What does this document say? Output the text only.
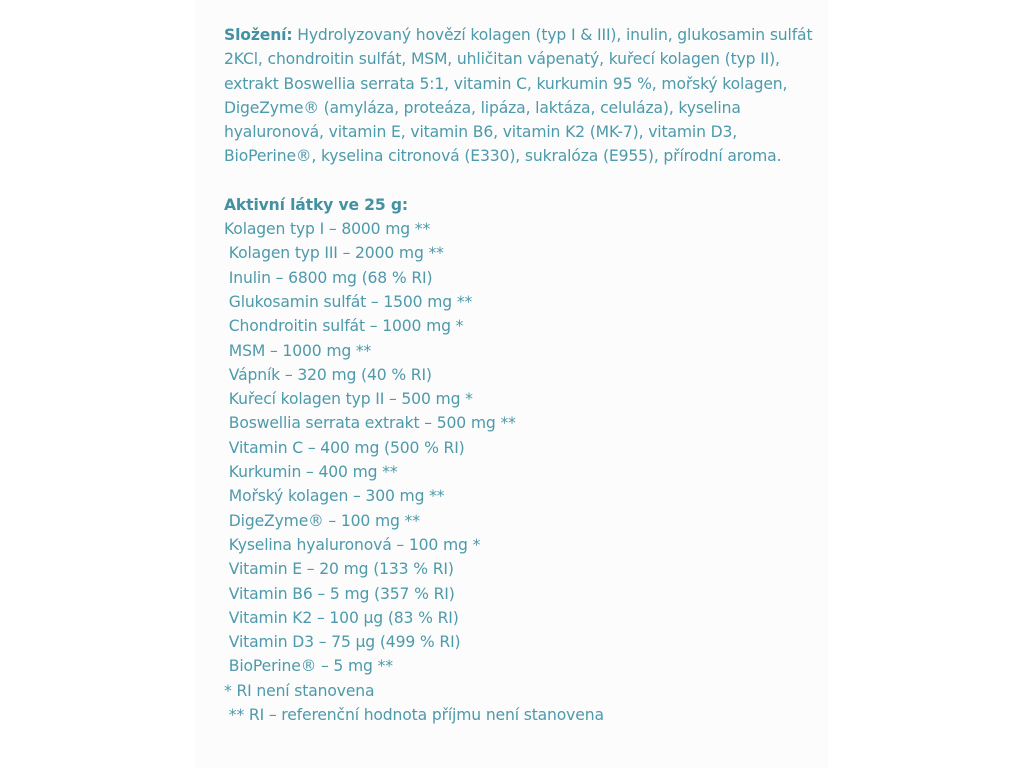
Složení: Hydrolyzovaný hovězí kolagen (typ I & III), inulin, glukosamin sulfát 2KCl, chondroitin sulfát, MSM, uhličitan vápenatý, kuřecí kolagen (typ II), extrakt Boswellia serrata 5:1, vitamin C, kurkumin 95 %, mořský kolagen, DigeZyme® (amyláza, proteáza, lipáza, laktáza, celuláza), kyselina hyaluronová, vitamin E, vitamin B6, vitamin K2 (MK-7), vitamin D3, BioPerine®, kyselina citronová (E330), sukralóza (E955), přírodní aroma.

Aktivní látky ve 25 g:
Kolagen typ I – 8000 mg **
Kolagen typ III – 2000 mg **
Inulin – 6800 mg (68 % RI)
Glukosamin sulfát – 1500 mg **
Chondroitin sulfát – 1000 mg *
MSM – 1000 mg **
Vápník – 320 mg (40 % RI)
Kuřecí kolagen typ II – 500 mg *
Boswellia serrata extrakt – 500 mg **
Vitamin C – 400 mg (500 % RI)
Kurkumin – 400 mg **
Mořský kolagen – 300 mg **
DigeZyme® – 100 mg **
Kyselina hyaluronová – 100 mg *
Vitamin E – 20 mg (133 % RI)
Vitamin B6 – 5 mg (357 % RI)
Vitamin K2 – 100 µg (83 % RI)
Vitamin D3 – 75 µg (499 % RI)
BioPerine® – 5 mg **
* RI není stanovena
** RI – referenční hodnota příjmu není stanovena
